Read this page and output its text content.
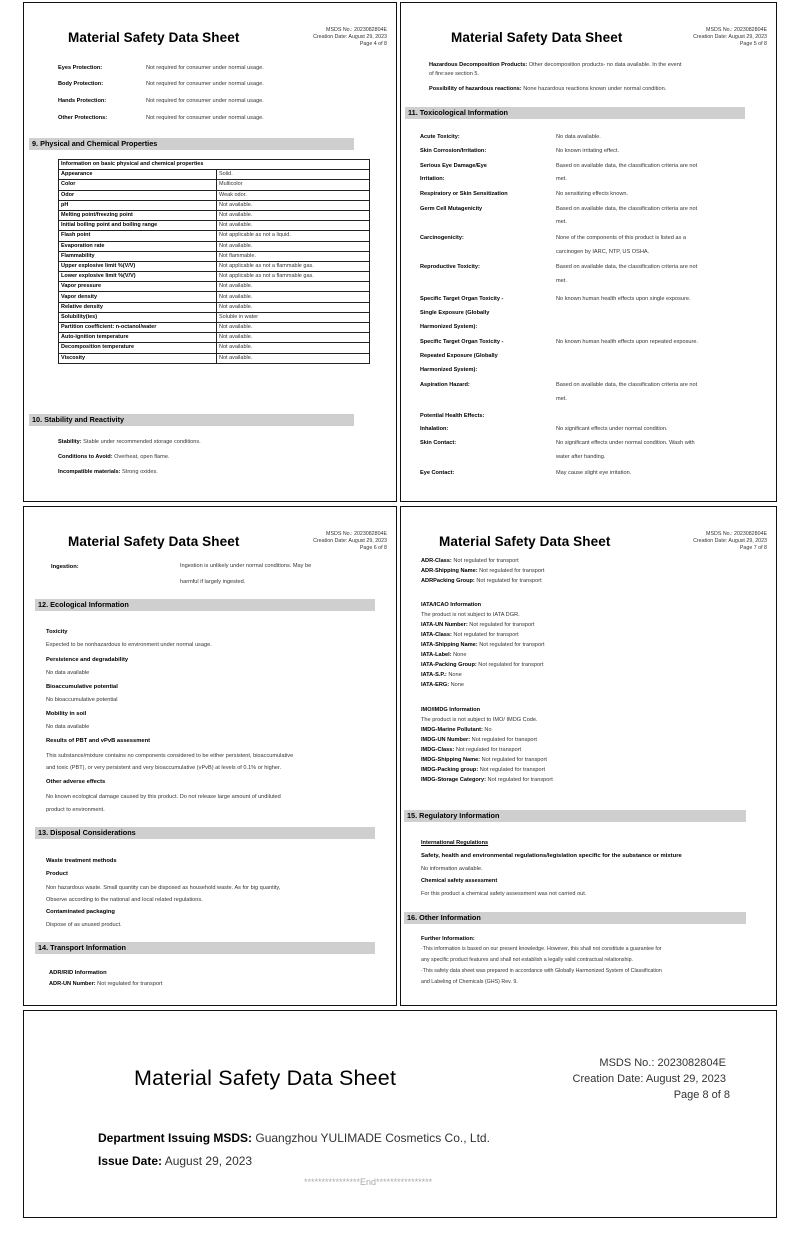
Material Safety Data Sheet	MSDS No.: 2023082804E
Creation Date: August 29, 2023
Page 4 of 8
Eyes Protection:	Not required for consumer under normal usage.
Body Protection:	Not required for consumer under normal usage.
Hands Protection:	Not required for consumer under normal usage.
Other Protections:	Not required for consumer under normal usage.
9. Physical and Chemical Properties
Information on basic physical and chemical properties	
Appearance	Solid.
Color	Multicolor
Odor	Weak odor.
pH	Not available.
Melting point/freezing point	Not available.
Initial boiling point and boiling range	Not available.
Flash point	Not applicable as not a liquid.
Evaporation rate	Not available.
Flammability	Not flammable.
Upper explosive limit %(V/V)	Not applicable as not a flammable gas.
Lower explosive limit %(V/V)	Not applicable as not a flammable gas.
Vapor pressure	Not available.
Vapor density	Not available.
Relative density	Not available.
Solubility(ies)	Soluble in water
Partition coefficient: n-octanol/water	Not available.
Auto-ignition temperature	Not available.
Decomposition temperature	Not available.
Viscosity	Not available.
10. Stability and Reactivity
Stability: Stable under recommended storage conditions.
Conditions to Avoid: Overheat, open flame.
Incompatible materials: Strong oxides.
Material Safety Data Sheet	MSDS No.: 2023082804E
Creation Date: August 29, 2023
Page 5 of 8
Hazardous Decomposition Products: Other decomposition products- no data available. In the event
of fire:see section 5.
Possibility of hazardous reactions: None hazardous reactions known under normal condition.
11. Toxicological Information
Acute Toxicity:	No data available.
Skin Corrosion/Irritation:	No known irritating effect.
Serious Eye Damage/Eye	Based on available data, the classification criteria are not
Irritation:	met.
Respiratory or Skin Sensitization	No sensitizing effects known.
Germ Cell Mutagenicity	Based on available data, the classification criteria are not
met.
Carcinogenicity:	None of the components of this product is listed as a
carcinogen by IARC, NTP, US OSHA.
Reproductive Toxicity:	Based on available data, the classification criteria are not
met.
Specific Target Organ Toxicity -	No known human health effects upon single exposure.
Single Exposure (Globally
Harmonized System):
Specific Target Organ Toxicity -	No known human health effects upon repeated exposure.
Repeated Exposure (Globally
Harmonized System):
Aspiration Hazard:	Based on available data, the classification criteria are not
met.
Potential Health Effects:
Inhalation:	No significant effects under normal condition.
Skin Contact:	No significant effects under normal condition. Wash with
water after handing.
Eye Contact:	May cause slight eye irritation.
Material Safety Data Sheet	MSDS No.: 2023082804E
Creation Date: August 29, 2023
Page 6 of 8
Ingestion:	Ingestion is unlikely under normal conditions. May be
harmful if largely ingested.
12. Ecological Information
Toxicity
Expected to be nonhazardous to environment under normal usage.
Persistence and degradability
No data available
Bioaccumulative potential
No bioaccumulative potential
Mobility in soil
No data available
Results of PBT and vPvB assessment
This substance/mixture contains no components considered to be either persistent, bioaccumulative
and toxic (PBT), or very persistent and very bioaccumulative (vPvB) at levels of 0.1% or higher.
Other adverse effects
No known ecological damage caused by this product. Do not release large amount of undiluted
product to environment.
13. Disposal Considerations
Waste treatment methods
Product
Non hazardous waste. Small quantity can be disposed as household waste. As for big quantity,
Observe according to the national and local related regulations.
Contaminated packaging
Dispose of as unused product.
14. Transport Information
ADR/RID Information
ADR-UN Number: Not regulated for transport
Material Safety Data Sheet	MSDS No.: 2023082804E
Creation Date: August 29, 2023
Page 7 of 8
ADR-Class: Not regulated for transport
ADR-Shipping Name: Not regulated for transport
ADRPacking Group: Not regulated for transport
IATA/ICAO Information
The product is not subject to IATA DGR.
IATA-UN Number: Not regulated for transport
IATA-Class: Not regulated for transport
IATA-Shipping Name: Not regulated for transport
IATA-Label: None
IATA-Packing Group: Not regulated for transport
IATA-S.P.: None
IATA-ERG: None
IMO/IMDG Information
The product is not subject to IMO/ IMDG Code.
IMDG-Marine Pollutant: No
IMDG-UN Number: Not regulated for transport
IMDG-Class: Not regulated for transport
IMDG-Shipping Name: Not regulated for transport
IMDG-Packing group: Not regulated for transport
IMDG-Storage Category: Not regulated for transport
15. Regulatory Information
International Regulations
Safety, health and environmental regulations/legislation specific for the substance or mixture
No information available.
Chemical safety assessment
For this product a chemical safety assessment was not carried out.
16. Other Information
Further Information:
·This information is based on our present knowledge. However, this shall not constitute a guarantee for
any specific product features and shall not establish a legally valid contractual relationship.
·This safety data sheet was prepared in accordance with Globally Harmonized System of Classification
and Labeling of Chemicals (GHS) Rev. 9.
Material Safety Data Sheet
MSDS No.: 2023082804E
Creation Date: August 29, 2023
Page 8 of 8
Department Issuing MSDS: Guangzhou YULIMADE Cosmetics Co., Ltd.
Issue Date: August 29, 2023
****************End****************
